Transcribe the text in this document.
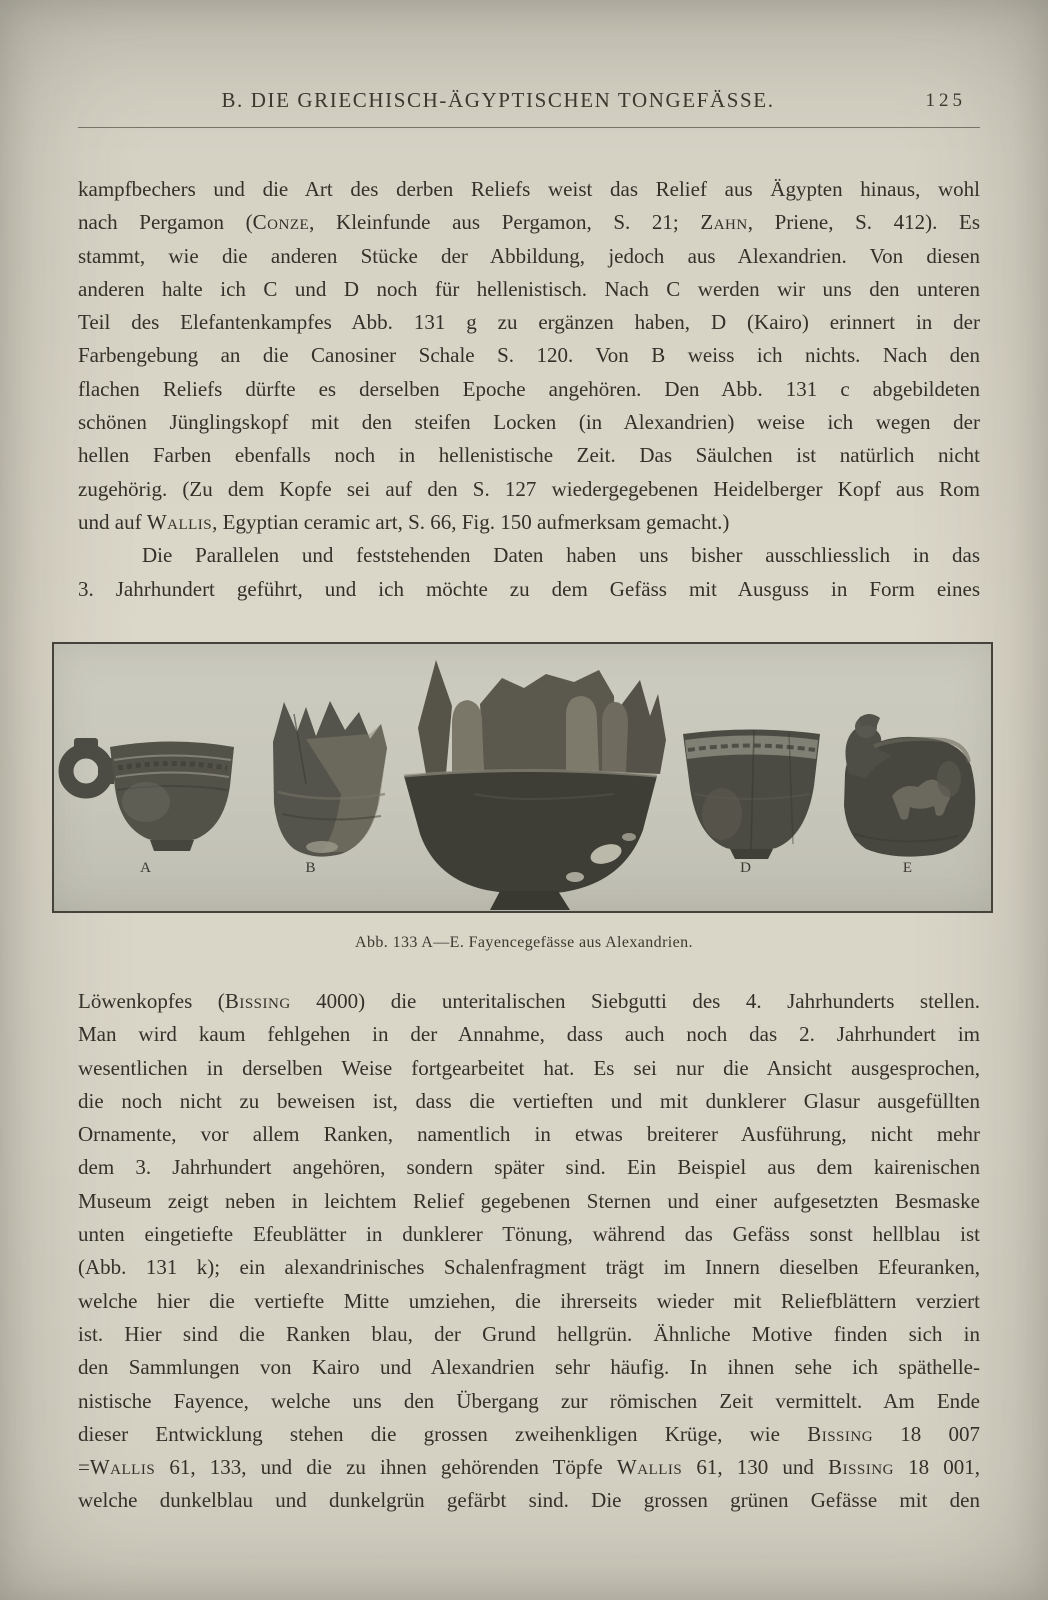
B. DIE GRIECHISCH-ÄGYPTISCHEN TONGEFÄSSE.	125
kampfbechers und die Art des derben Reliefs weist das Relief aus Ägypten hinaus, wohl
nach Pergamon (Conze, Kleinfunde aus Pergamon, S. 21; Zahn, Priene, S. 412). Es
stammt, wie die anderen Stücke der Abbildung, jedoch aus Alexandrien. Von diesen
anderen halte ich C und D noch für hellenistisch. Nach C werden wir uns den unteren
Teil des Elefantenkampfes Abb. 131 g zu ergänzen haben, D (Kairo) erinnert in der
Farbengebung an die Canosiner Schale S. 120. Von B weiss ich nichts. Nach den
flachen Reliefs dürfte es derselben Epoche angehören. Den Abb. 131 c abgebildeten
schönen Jünglingskopf mit den steifen Locken (in Alexandrien) weise ich wegen der
hellen Farben ebenfalls noch in hellenistische Zeit. Das Säulchen ist natürlich nicht
zugehörig. (Zu dem Kopfe sei auf den S. 127 wiedergegebenen Heidelberger Kopf aus Rom
und auf Wallis, Egyptian ceramic art, S. 66, Fig. 150 aufmerksam gemacht.)
Die Parallelen und feststehenden Daten haben uns bisher ausschliesslich in das
3. Jahrhundert geführt, und ich möchte zu dem Gefäss mit Ausguss in Form eines
A	B
C
D	E
Abb. 133 A—E. Fayencegefässe aus Alexandrien.
Löwenkopfes (Bissing 4000) die unteritalischen Siebgutti des 4. Jahrhunderts stellen.
Man wird kaum fehlgehen in der Annahme, dass auch noch das 2. Jahrhundert im
wesentlichen in derselben Weise fortgearbeitet hat. Es sei nur die Ansicht ausgesprochen,
die noch nicht zu beweisen ist, dass die vertieften und mit dunklerer Glasur ausgefüllten
Ornamente, vor allem Ranken, namentlich in etwas breiterer Ausführung, nicht mehr
dem 3. Jahrhundert angehören, sondern später sind. Ein Beispiel aus dem kairenischen
Museum zeigt neben in leichtem Relief gegebenen Sternen und einer aufgesetzten Besmaske
unten eingetiefte Efeublätter in dunklerer Tönung, während das Gefäss sonst hellblau ist
(Abb. 131 k); ein alexandrinisches Schalenfragment trägt im Innern dieselben Efeuranken,
welche hier die vertiefte Mitte umziehen, die ihrerseits wieder mit Reliefblättern verziert
ist. Hier sind die Ranken blau, der Grund hellgrün. Ähnliche Motive finden sich in
den Sammlungen von Kairo und Alexandrien sehr häufig. In ihnen sehe ich späthelle-
nistische Fayence, welche uns den Übergang zur römischen Zeit vermittelt. Am Ende
dieser Entwicklung stehen die grossen zweihenkligen Krüge, wie Bissing 18 007
=Wallis 61, 133, und die zu ihnen gehörenden Töpfe Wallis 61, 130 und Bissing 18 001,
welche dunkelblau und dunkelgrün gefärbt sind. Die grossen grünen Gefässe mit den
